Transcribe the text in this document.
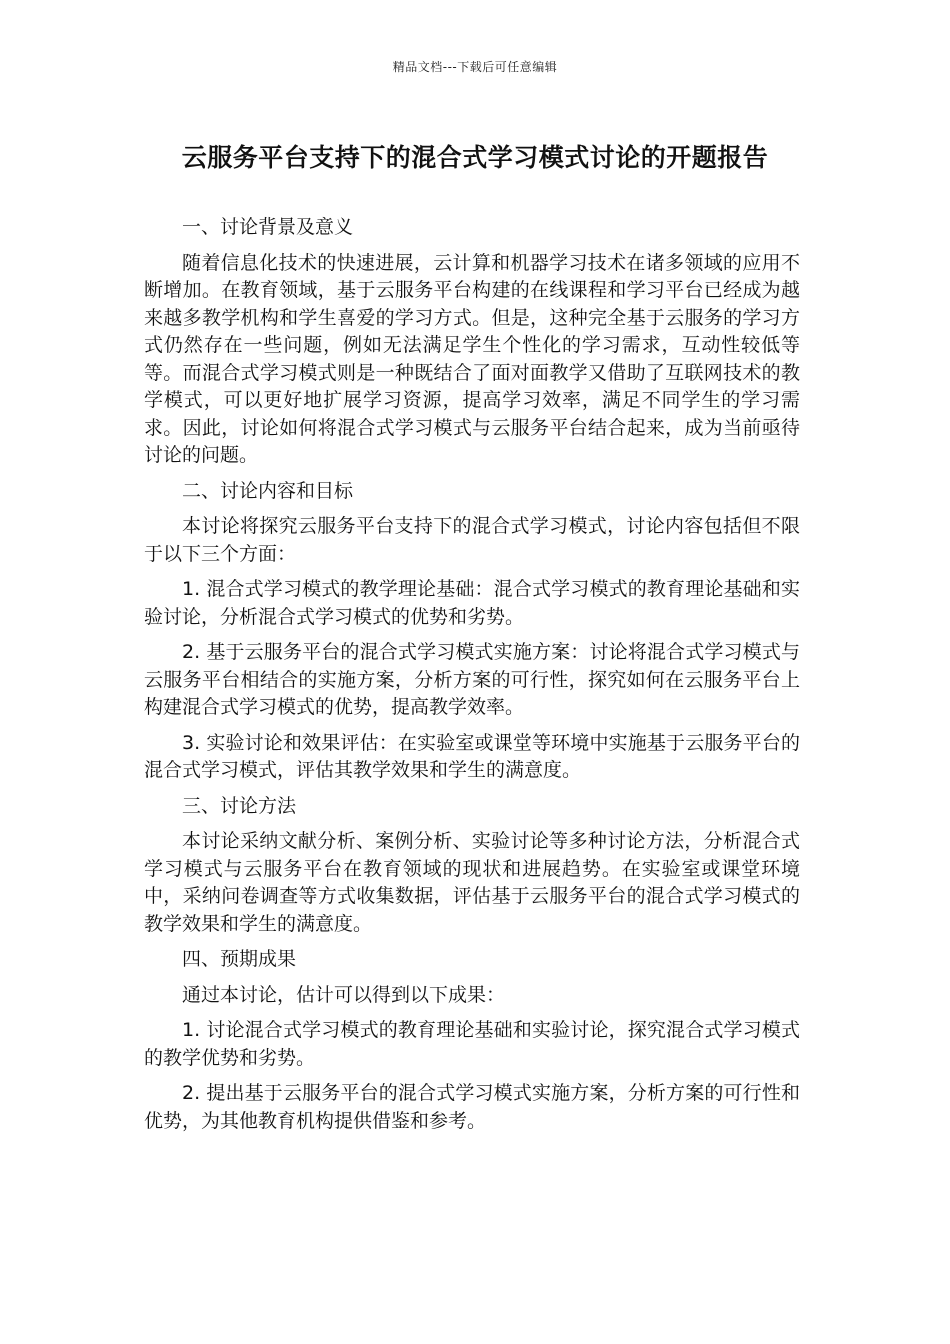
精品文档---下载后可任意编辑
云服务平台支持下的混合式学习模式讨论的开题报告

一、讨论背景及意义

随着信息化技术的快速进展，云计算和机器学习技术在诸多领域的应用不断增加。在教育领域，基于云服务平台构建的在线课程和学习平台已经成为越来越多教学机构和学生喜爱的学习方式。但是，这种完全基于云服务的学习方式仍然存在一些问题，例如无法满足学生个性化的学习需求，互动性较低等等。而混合式学习模式则是一种既结合了面对面教学又借助了互联网技术的教学模式，可以更好地扩展学习资源，提高学习效率，满足不同学生的学习需求。因此，讨论如何将混合式学习模式与云服务平台结合起来，成为当前亟待讨论的问题。

二、讨论内容和目标

本讨论将探究云服务平台支持下的混合式学习模式，讨论内容包括但不限于以下三个方面：

1. 混合式学习模式的教学理论基础：混合式学习模式的教育理论基础和实验讨论，分析混合式学习模式的优势和劣势。

2. 基于云服务平台的混合式学习模式实施方案：讨论将混合式学习模式与云服务平台相结合的实施方案，分析方案的可行性，探究如何在云服务平台上构建混合式学习模式的优势，提高教学效率。

3. 实验讨论和效果评估：在实验室或课堂等环境中实施基于云服务平台的混合式学习模式，评估其教学效果和学生的满意度。

三、讨论方法

本讨论采纳文献分析、案例分析、实验讨论等多种讨论方法，分析混合式学习模式与云服务平台在教育领域的现状和进展趋势。在实验室或课堂环境中，采纳问卷调查等方式收集数据，评估基于云服务平台的混合式学习模式的教学效果和学生的满意度。

四、预期成果

通过本讨论，估计可以得到以下成果：

1. 讨论混合式学习模式的教育理论基础和实验讨论，探究混合式学习模式的教学优势和劣势。

2. 提出基于云服务平台的混合式学习模式实施方案，分析方案的可行性和优势，为其他教育机构提供借鉴和参考。
